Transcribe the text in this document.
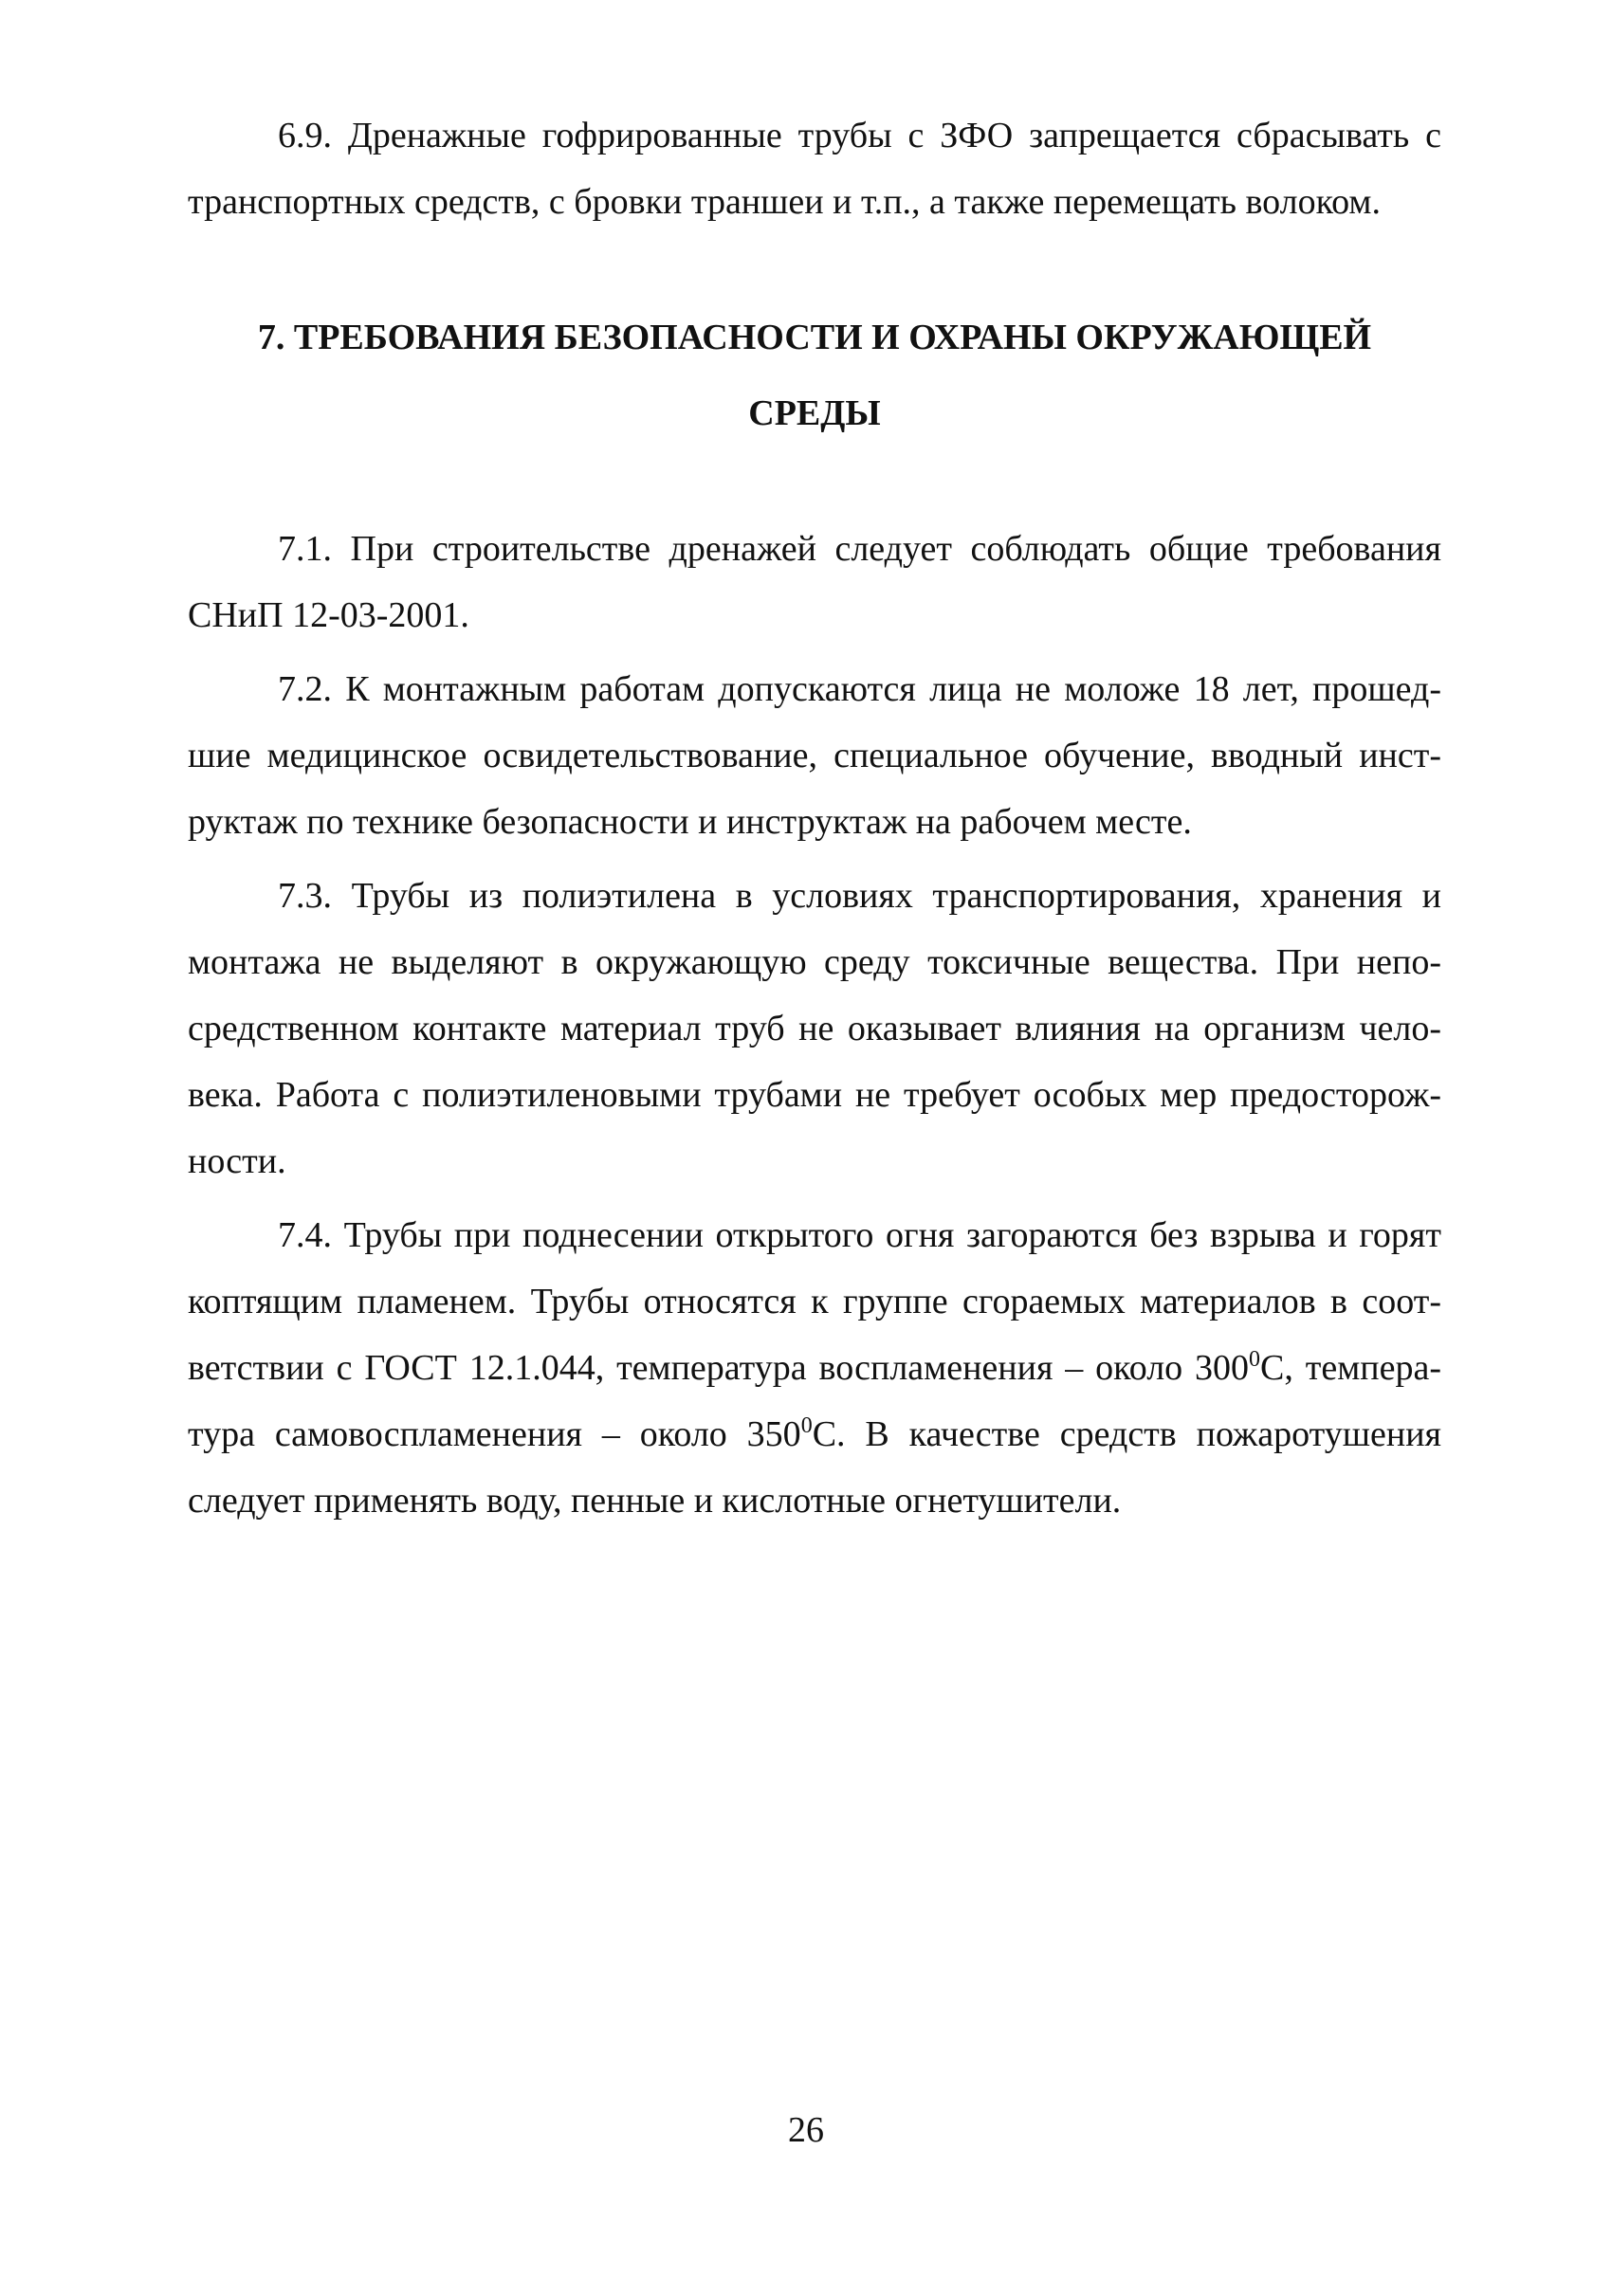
6.9. Дренажные гофрированные трубы с ЗФО запрещается сбрасывать с транспортных средств, с бровки траншеи и т.п., а также перемещать волоком.

7. ТРЕБОВАНИЯ БЕЗОПАСНОСТИ И ОХРАНЫ ОКРУЖАЮЩЕЙ
СРЕДЫ

7.1. При строительстве дренажей следует соблюдать общие требования СНиП 12-03-2001.

7.2. К монтажным работам допускаются лица не моложе 18 лет, прошедшие медицинское освидетельствование, специальное обучение, вводный инструктаж по технике безопасности и инструктаж на рабочем месте.

7.3. Трубы из полиэтилена в условиях транспортирования, хранения и монтажа не выделяют в окружающую среду токсичные вещества. При непосредственном контакте материал труб не оказывает влияния на организм человека. Работа с полиэтиленовыми трубами не требует особых мер предосторожности.

7.4. Трубы при поднесении открытого огня загораются без взрыва и горят коптящим пламенем. Трубы относятся к группе сгораемых материалов в соответствии с ГОСТ 12.1.044, температура воспламенения – около $300^0С$, температура самовоспламенения – около $350^0С$. В качестве средств пожаротушения следует применять воду, пенные и кислотные огнетушители.

26
